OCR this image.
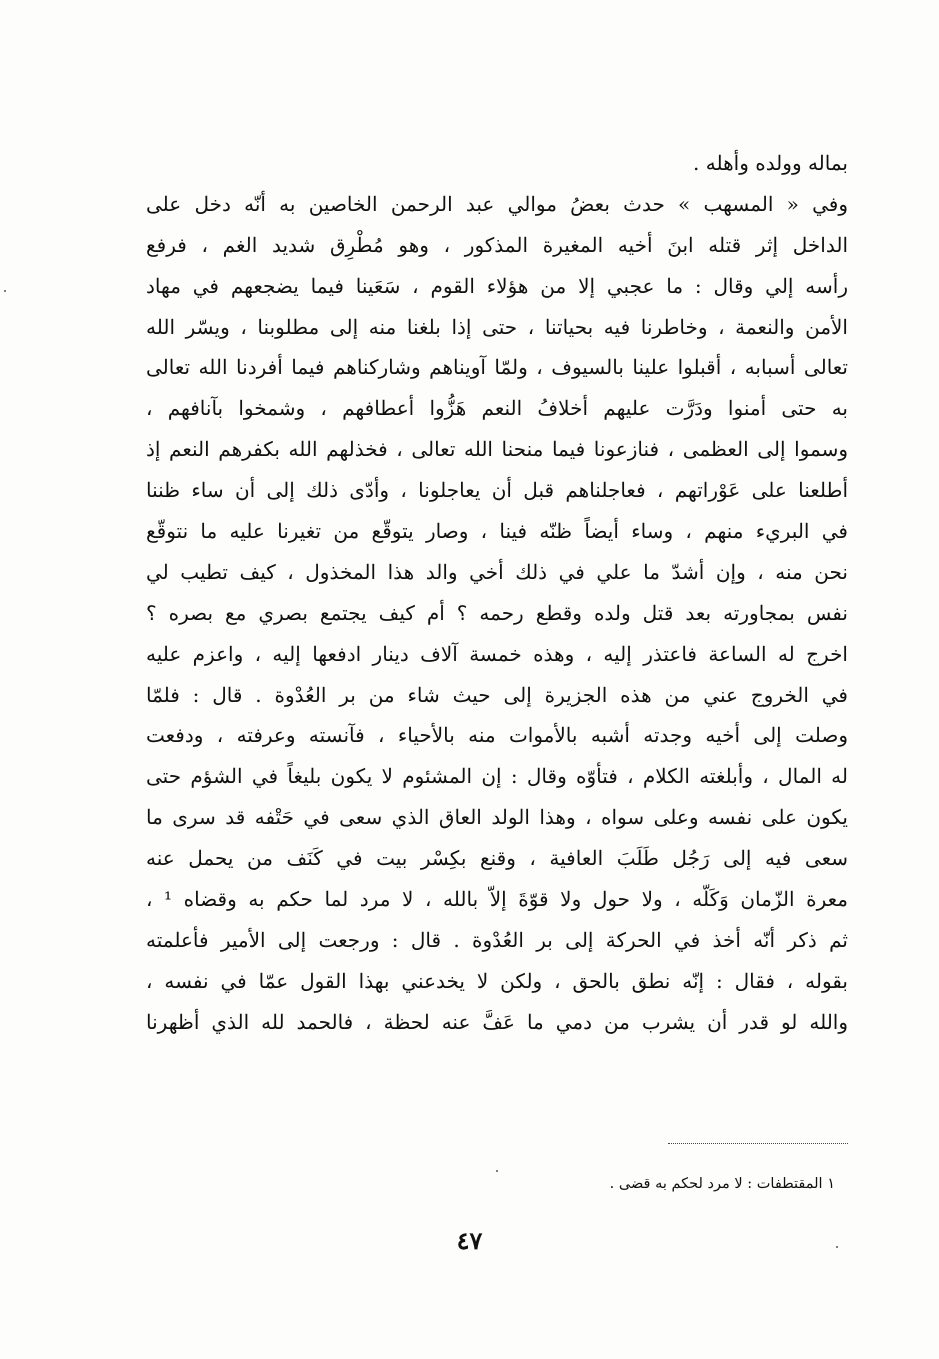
بماله وولده وأهله .
وفي « المسهب » حدث بعضُ موالي عبد الرحمن الخاصين به أنّه دخل على
الداخل إثر قتله ابنَ أخيه المغيرة المذكور ، وهو مُطْرِق شديد الغم ، فرفع
رأسه إلي وقال : ما عجبي إلا من هؤلاء القوم ، سَعَينا فيما يضجعهم في مهاد
الأمن والنعمة ، وخاطرنا فيه بحياتنا ، حتى إذا بلغنا منه إلى مطلوبنا ، ويسّر الله
تعالى أسبابه ، أقبلوا علينا بالسيوف ، ولمّا آويناهم وشاركناهم فيما أفردنا الله تعالى
به حتى أمنوا ودَرَّت عليهم أخلافُ النعم هَزُّوا أعطافهم ، وشمخوا بآنافهم ،
وسموا إلى العظمى ، فنازعونا فيما منحنا الله تعالى ، فخذلهم الله بكفرهم النعم إذ
أطلعنا على عَوْراتهم ، فعاجلناهم قبل أن يعاجلونا ، وأدّى ذلك إلى أن ساء ظننا
في البريء منهم ، وساء أيضاً ظنّه فينا ، وصار يتوقّع من تغيرنا عليه ما نتوقّع
نحن منه ، وإن أشدّ ما علي في ذلك أخي والد هذا المخذول ، كيف تطيب لي
نفس بمجاورته بعد قتل ولده وقطع رحمه ؟ أم كيف يجتمع بصري مع بصره ؟
اخرج له الساعة فاعتذر إليه ، وهذه خمسة آلاف دينار ادفعها إليه ، واعزم عليه
في الخروج عني من هذه الجزيرة إلى حيث شاء من بر العُدْوة . قال : فلمّا
وصلت إلى أخيه وجدته أشبه بالأموات منه بالأحياء ، فآنسته وعرفته ، ودفعت
له المال ، وأبلغته الكلام ، فتأوّه وقال : إن المشئوم لا يكون بليغاً في الشؤم حتى
يكون على نفسه وعلى سواه ، وهذا الولد العاق الذي سعى في حَتْفه قد سرى ما
سعى فيه إلى رَجُل طَلَبَ العافية ، وقنع بكِسْر بيت في كَنَف من يحمل عنه
معرة الزّمان وَكَلّه ، ولا حول ولا قوّةَ إلاّ بالله ، لا مرد لما حكم به وقضاه ¹ ،
ثم ذكر أنّه أخذ في الحركة إلى بر العُدْوة . قال : ورجعت إلى الأمير فأعلمته
بقوله ، فقال : إنّه نطق بالحق ، ولكن لا يخدعني بهذا القول عمّا في نفسه ،
والله لو قدر أن يشرب من دمي ما عَفَّ عنه لحظة ، فالحمد لله الذي أظهرنا
١ المقتطفات : لا مرد لحكم به قضى .
٤٧
